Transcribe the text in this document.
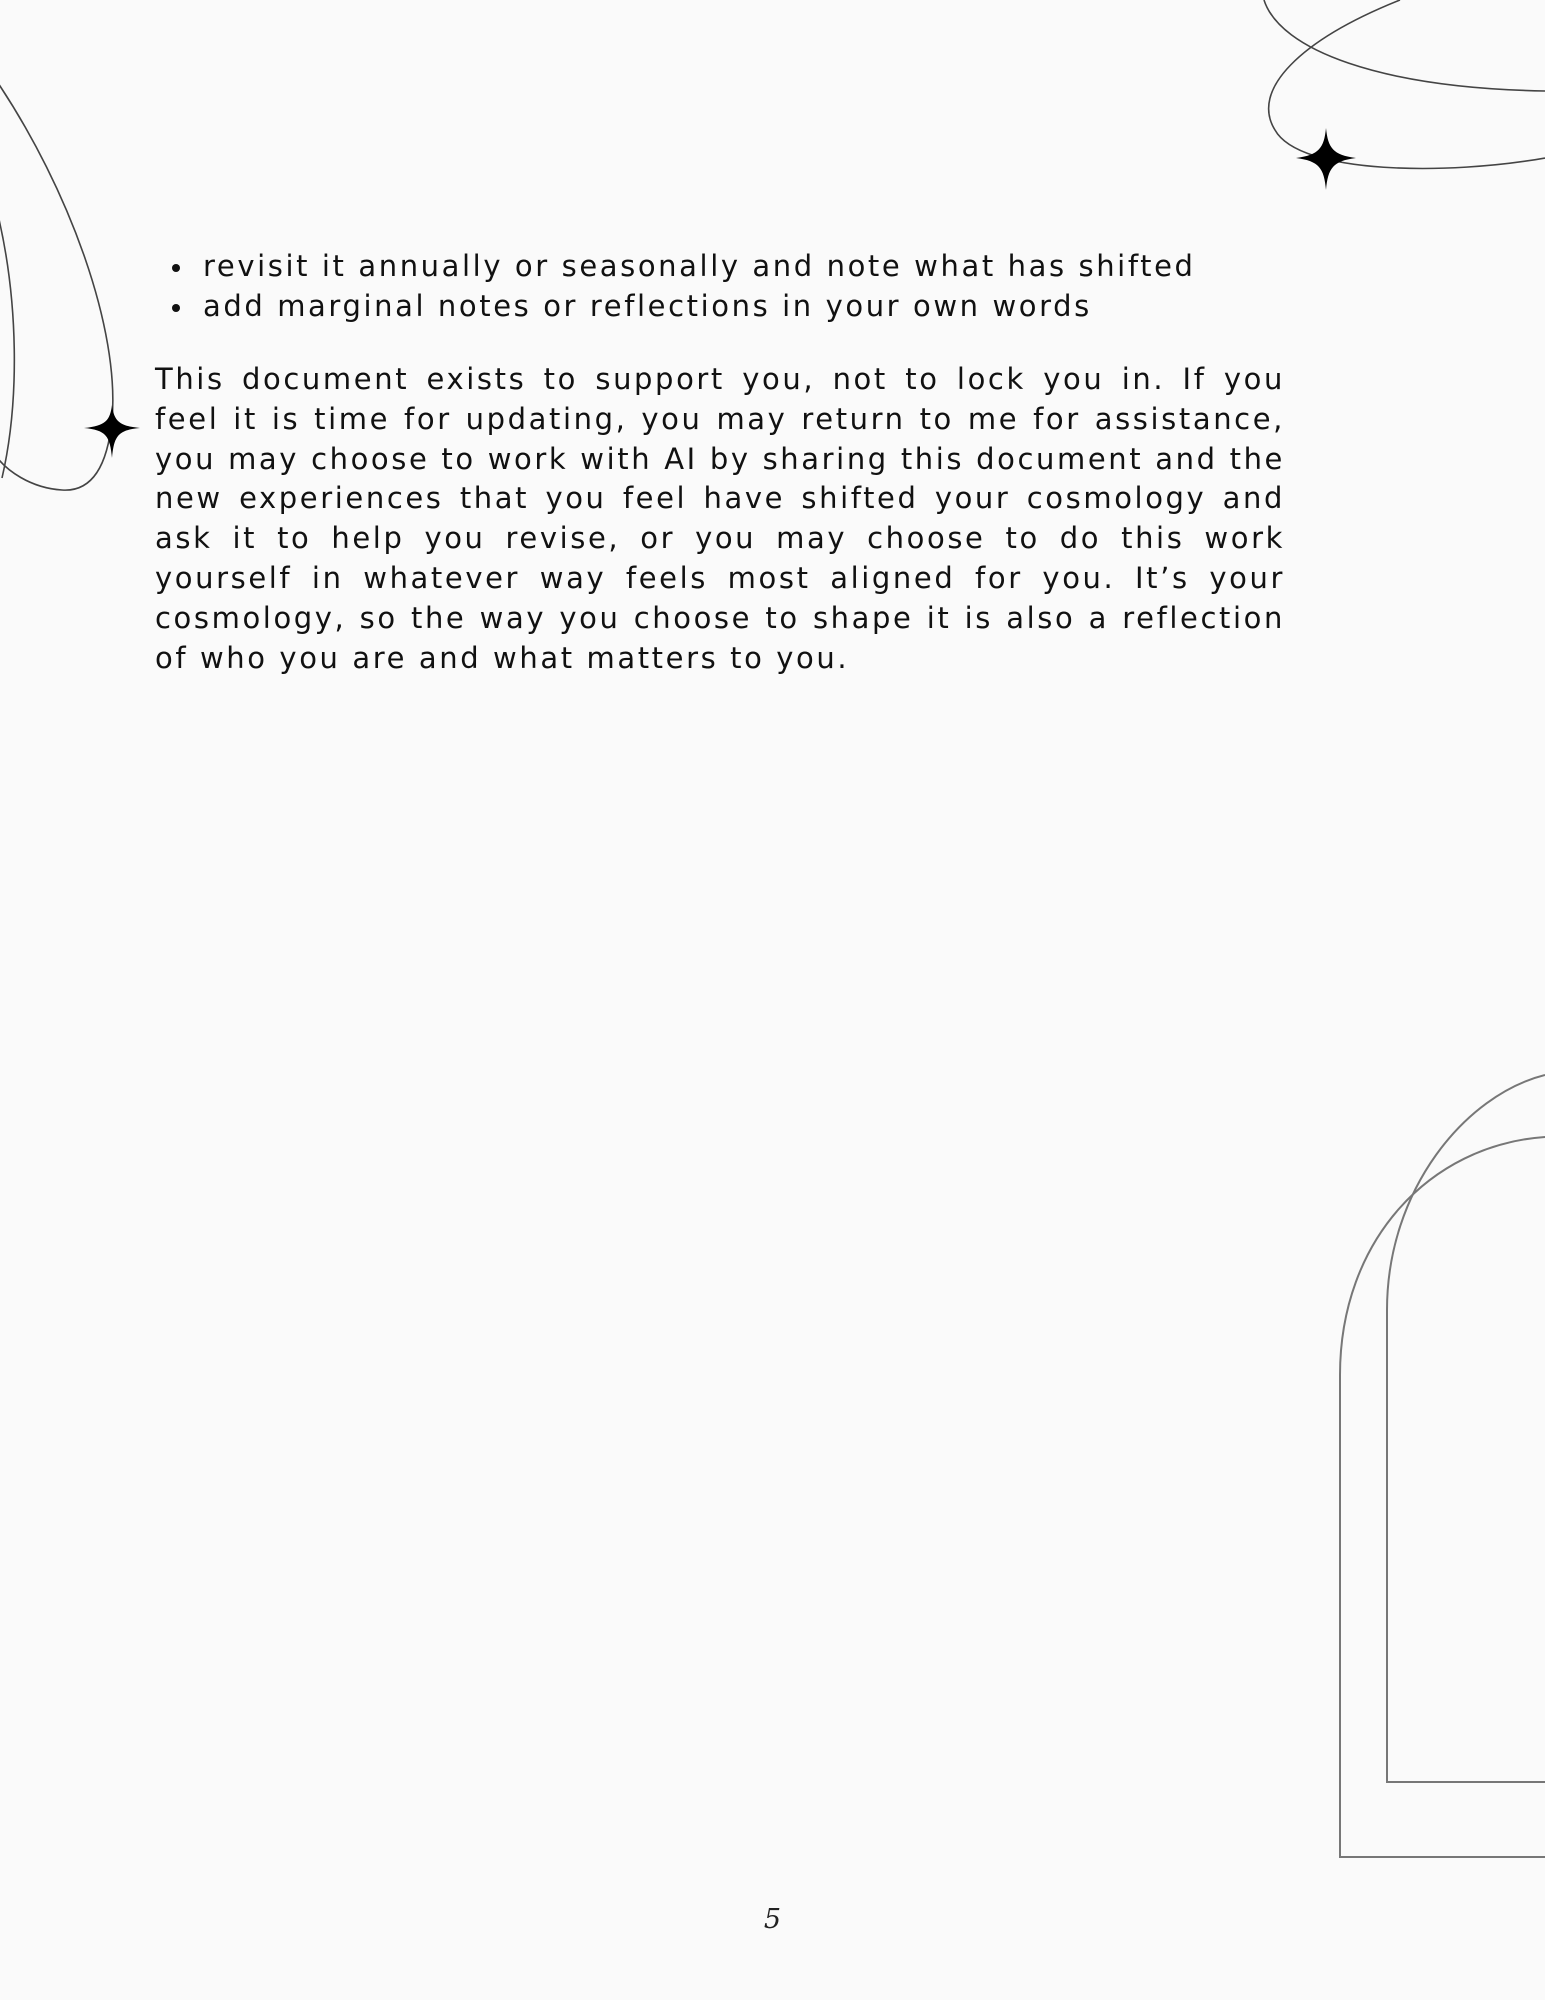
revisit it annually or seasonally and note what has shifted
add marginal notes or reflections in your own words

This document exists to support you, not to lock you in. If you feel it is time for updating, you may return to me for assistance, you may choose to work with AI by sharing this document and the new experiences that you feel have shifted your cosmology and ask it to help you revise, or you may choose to do this work yourself in whatever way feels most aligned for you. It’s your cosmology, so the way you choose to shape it is also a reflection of who you are and what matters to you.

5
